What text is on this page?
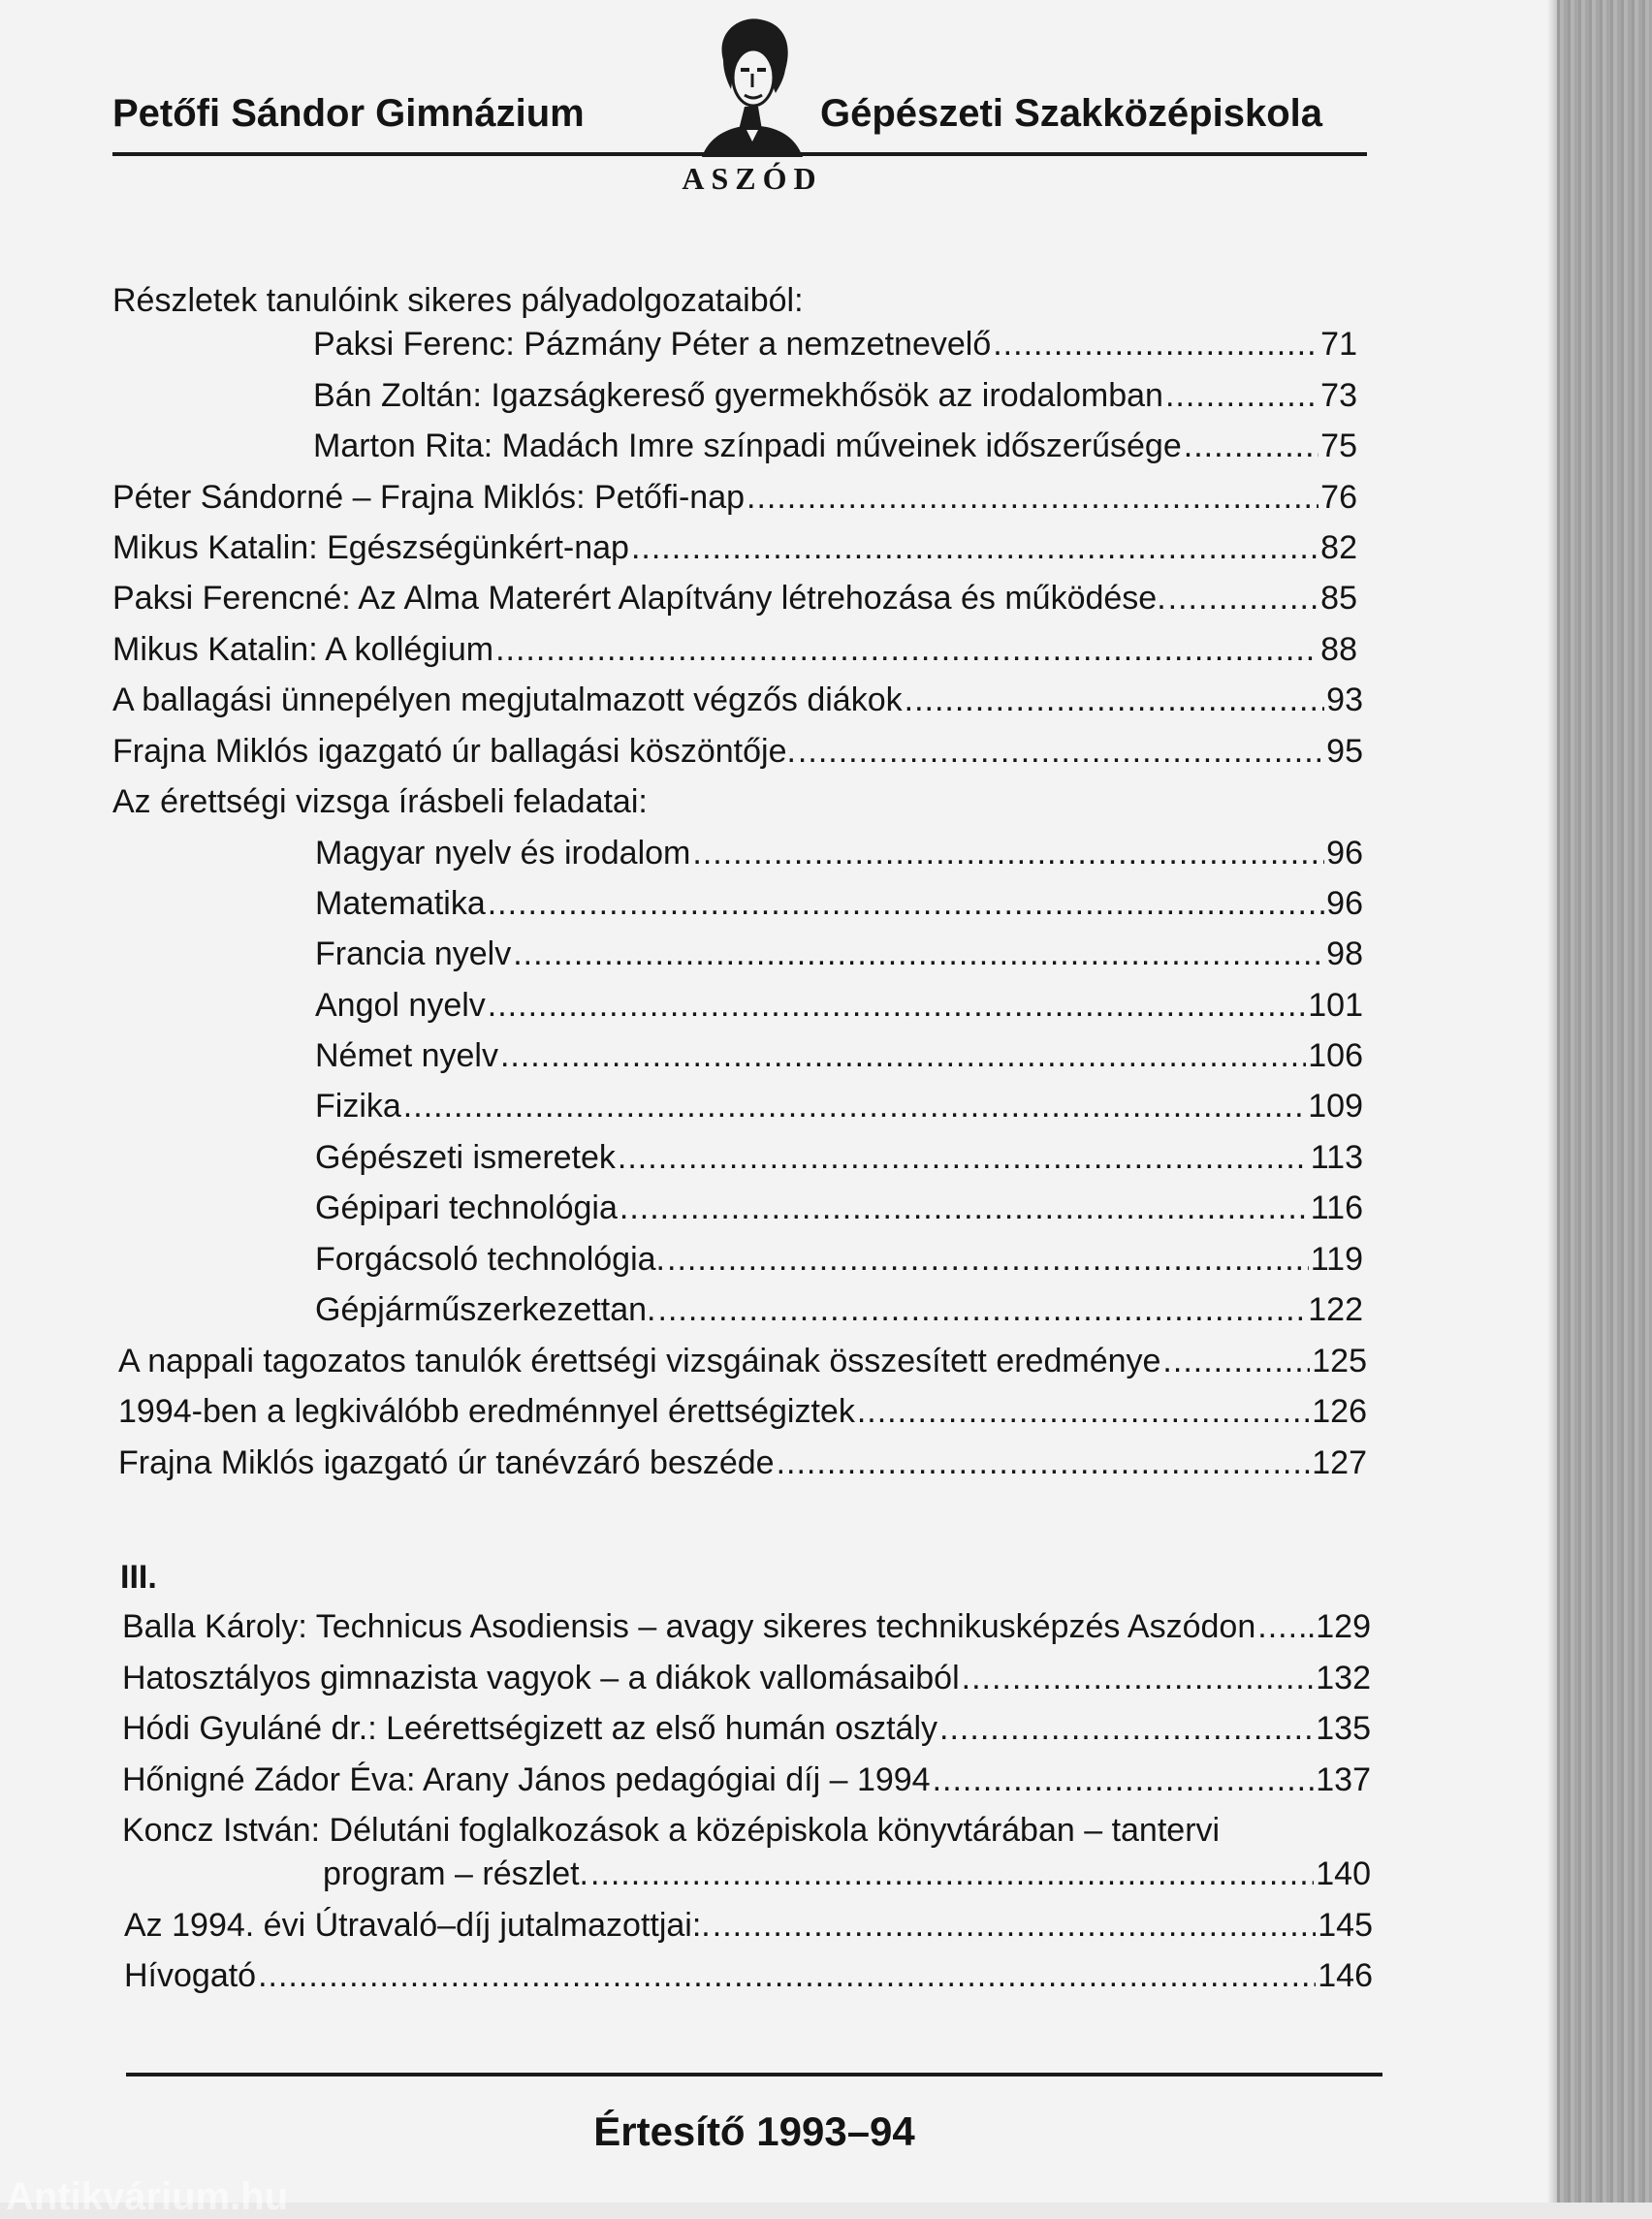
Petőfi Sándor Gimnázium	Gépészeti Szakközépiskola
ASZÓD
Részletek tanulóink sikeres pályadolgozataiból:
Paksi Ferenc: Pázmány Péter a nemzetnevelő .....	71
Bán Zoltán: Igazságkereső gyermekhősök az irodalomban .....	73
Marton Rita: Madách Imre színpadi műveinek időszerűsége .....	75
Péter Sándorné – Frajna Miklós: Petőfi-nap .....	76
Mikus Katalin: Egészségünkért-nap .....	82
Paksi Ferencné: Az Alma Materért Alapítvány létrehozása és működése. .....	85
Mikus Katalin: A kollégium .....	88
A ballagási ünnepélyen megjutalmazott végzős diákok .....	93
Frajna Miklós igazgató úr ballagási köszöntője. .....	95
Az érettségi vizsga írásbeli feladatai:
Magyar nyelv és irodalom .....	96
Matematika .....	96
Francia nyelv .....	98
Angol nyelv .....	101
Német nyelv .....	106
Fizika .....	109
Gépészeti ismeretek .....	113
Gépipari technológia .....	116
Forgácsoló technológia. .....	119
Gépjárműszerkezettan. .....	122
A nappali tagozatos tanulók érettségi vizsgáinak összesített eredménye .....	125
1994-ben a legkiválóbb eredménnyel érettségiztek .....	126
Frajna Miklós igazgató úr tanévzáró beszéde .....	127
III.
Balla Károly: Technicus Asodiensis – avagy sikeres technikusképzés Aszódon ..... .129
Hatosztályos gimnazista vagyok – a diákok vallomásaiból .....	132
Hódi Gyuláné dr.: Leérettségizett az első humán osztály .....	135
Hőnigné Zádor Éva: Arany János pedagógiai díj – 1994 .....	137
Koncz István: Délutáni foglalkozások a középiskola könyvtárában – tantervi
program – részlet. .....	140
Az 1994. évi Útravaló–díj jutalmazottjai:. .....	145
Hívogató .....	146
Értesítő 1993–94
Antikvárium.hu
